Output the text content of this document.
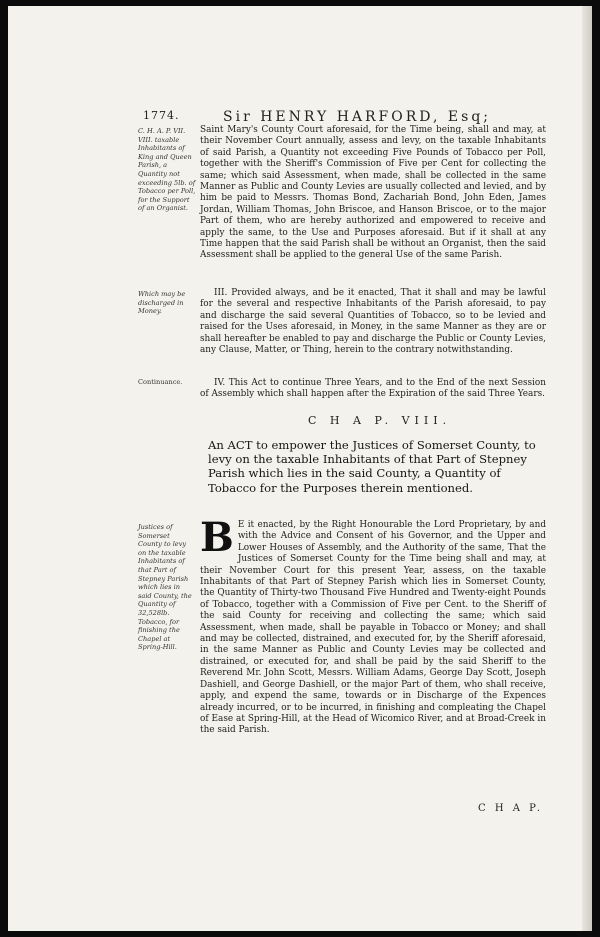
1774.	Sir HENRY HARFORD, Esq;
C. H. A. P. VII. VIII. taxable Inhabitants of King and Queen Parish, a Quantity not exceeding 5lb. of Tobacco per Poll, for the Support of an Organist.

Saint Mary's County Court aforesaid, for the Time being, shall and may, at their November Court annually, assess and levy, on the taxable Inhabitants of said Parish, a Quantity not exceeding Five Pounds of Tobacco per Poll, together with the Sheriff's Commission of Five per Cent for collecting the same; which said Assessment, when made, shall be collected in the same Manner as Public and County Levies are usually collected and levied, and by him be paid to Messrs. Thomas Bond, Zachariah Bond, John Eden, James Jordan, William Thomas, John Briscoe, and Hanson Briscoe, or to the major Part of them, who are hereby authorized and empowered to receive and apply the same, to the Use and Purposes aforesaid. But if it shall at any Time happen that the said Parish shall be without an Organist, then the said Assessment shall be applied to the general Use of the same Parish.

Which may be discharged in Money.

III. Provided always, and be it enacted, That it shall and may be lawful for the several and respective Inhabitants of the Parish aforesaid, to pay and discharge the said several Quantities of Tobacco, so to be levied and raised for the Uses aforesaid, in Money, in the same Manner as they are or shall hereafter be enabled to pay and discharge the Public or County Levies, any Clause, Matter, or Thing, herein to the contrary notwithstanding.

Continuance.	IV. This Act to continue Three Years, and to the End of the next Session of Assembly which shall happen after the Expiration of the said Three Years.

C H A P. VIII.
An ACT to empower the Justices of Somerset County, to levy on the taxable Inhabitants of that Part of Stepney Parish which lies in the said County, a Quantity of Tobacco for the Purposes therein mentioned.
Justices of Somerset County to levy on the taxable Inhabitants of that Part of Stepney Parish which lies in said County, the Quantity of 32,528lb. Tobacco, for finishing the Chapel at Spring-Hill.

B E it enacted, by the Right Honourable the Lord Proprietary, by and with the Advice and Consent of his Governor, and the Upper and Lower Houses of Assembly, and the Authority of the same, That the Justices of Somerset County for the Time being shall and may, at their November Court for this present Year, assess, on the taxable Inhabitants of that Part of Stepney Parish which lies in Somerset County, the Quantity of Thirty-two Thousand Five Hundred and Twenty-eight Pounds of Tobacco, together with a Commission of Five per Cent. to the Sheriff of the said County for receiving and collecting the same; which said Assessment, when made, shall be payable in Tobacco or Money; and shall and may be collected, distrained, and executed for, by the Sheriff aforesaid, in the same Manner as Public and County Levies may be collected and distrained, or executed for, and shall be paid by the said Sheriff to the Reverend Mr. John Scott, Messrs. William Adams, George Day Scott, Joseph Dashiell, and George Dashiell, or the major Part of them, who shall receive, apply, and expend the same, towards or in Discharge of the Expences already incurred, or to be incurred, in finishing and compleating the Chapel of Ease at Spring-Hill, at the Head of Wicomico River, and at Broad-Creek in the said Parish.

C H A P.
